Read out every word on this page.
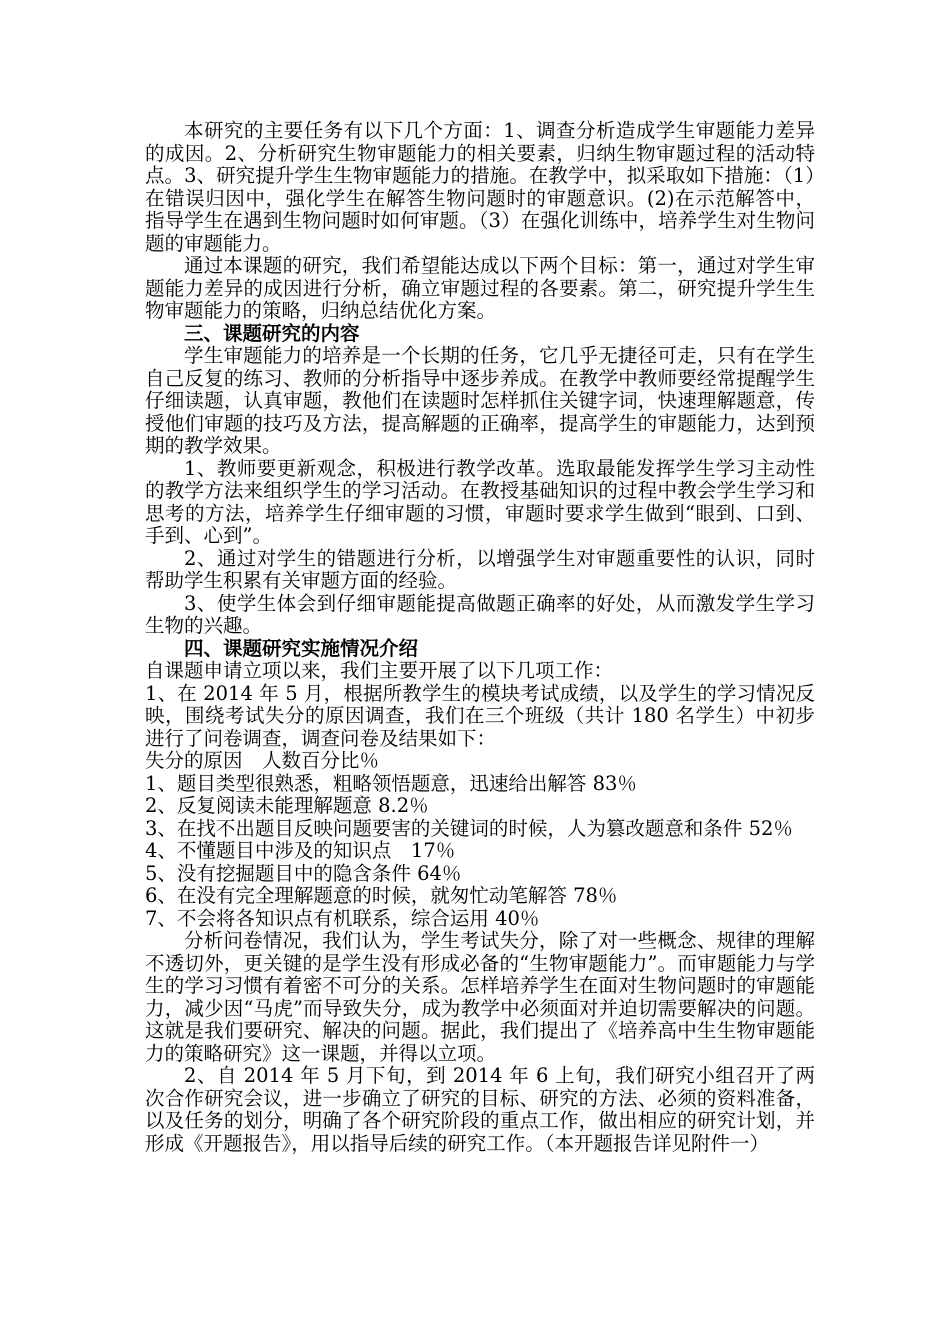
本研究的主要任务有以下几个方面：1、调查分析造成学生审题能力差异的成因。2、分析研究生物审题能力的相关要素，归纳生物审题过程的活动特点。3、研究提升学生生物审题能力的措施。在教学中，拟采取如下措施：（1）在错误归因中，强化学生在解答生物问题时的审题意识。(2)在示范解答中，指导学生在遇到生物问题时如何审题。（3）在强化训练中，培养学生对生物问题的审题能力。

通过本课题的研究，我们希望能达成以下两个目标：第一，通过对学生审题能力差异的成因进行分析，确立审题过程的各要素。第二，研究提升学生生物审题能力的策略，归纳总结优化方案。

三、课题研究的内容

学生审题能力的培养是一个长期的任务，它几乎无捷径可走，只有在学生自己反复的练习、教师的分析指导中逐步养成。在教学中教师要经常提醒学生仔细读题，认真审题，教他们在读题时怎样抓住关键字词，快速理解题意，传授他们审题的技巧及方法，提高解题的正确率，提高学生的审题能力，达到预期的教学效果。

1、教师要更新观念，积极进行教学改革。选取最能发挥学生学习主动性的教学方法来组织学生的学习活动。在教授基础知识的过程中教会学生学习和思考的方法，培养学生仔细审题的习惯，审题时要求学生做到“眼到、口到、手到、心到”。

2、通过对学生的错题进行分析，以增强学生对审题重要性的认识，同时帮助学生积累有关审题方面的经验。

3、使学生体会到仔细审题能提高做题正确率的好处，从而激发学生学习生物的兴趣。

四、课题研究实施情况介绍

自课题申请立项以来，我们主要开展了以下几项工作：

1、在 2014 年 5 月，根据所教学生的模块考试成绩，以及学生的学习情况反映，围绕考试失分的原因调查，我们在三个班级（共计 180 名学生）中初步进行了问卷调查，调查问卷及结果如下：

失分的原因　人数百分比％

1、题目类型很熟悉，粗略领悟题意，迅速给出解答 83％

2、反复阅读未能理解题意 8.2％

3、在找不出题目反映问题要害的关键词的时候，人为篡改题意和条件 52％

4、不懂题目中涉及的知识点　17％

5、没有挖掘题目中的隐含条件 64％

6、在没有完全理解题意的时候，就匆忙动笔解答 78％

7、不会将各知识点有机联系，综合运用 40％

分析问卷情况，我们认为，学生考试失分，除了对一些概念、规律的理解不透切外，更关键的是学生没有形成必备的“生物审题能力”。而审题能力与学生的学习习惯有着密不可分的关系。怎样培养学生在面对生物问题时的审题能力，减少因“马虎”而导致失分，成为教学中必须面对并迫切需要解决的问题。这就是我们要研究、解决的问题。据此，我们提出了《培养高中生生物审题能力的策略研究》这一课题，并得以立项。

2、自 2014 年 5 月下旬，到 2014 年 6 上旬，我们研究小组召开了两次合作研究会议，进一步确立了研究的目标、研究的方法、必须的资料准备，以及任务的划分，明确了各个研究阶段的重点工作，做出相应的研究计划，并形成《开题报告》，用以指导后续的研究工作。（本开题报告详见附件一）
